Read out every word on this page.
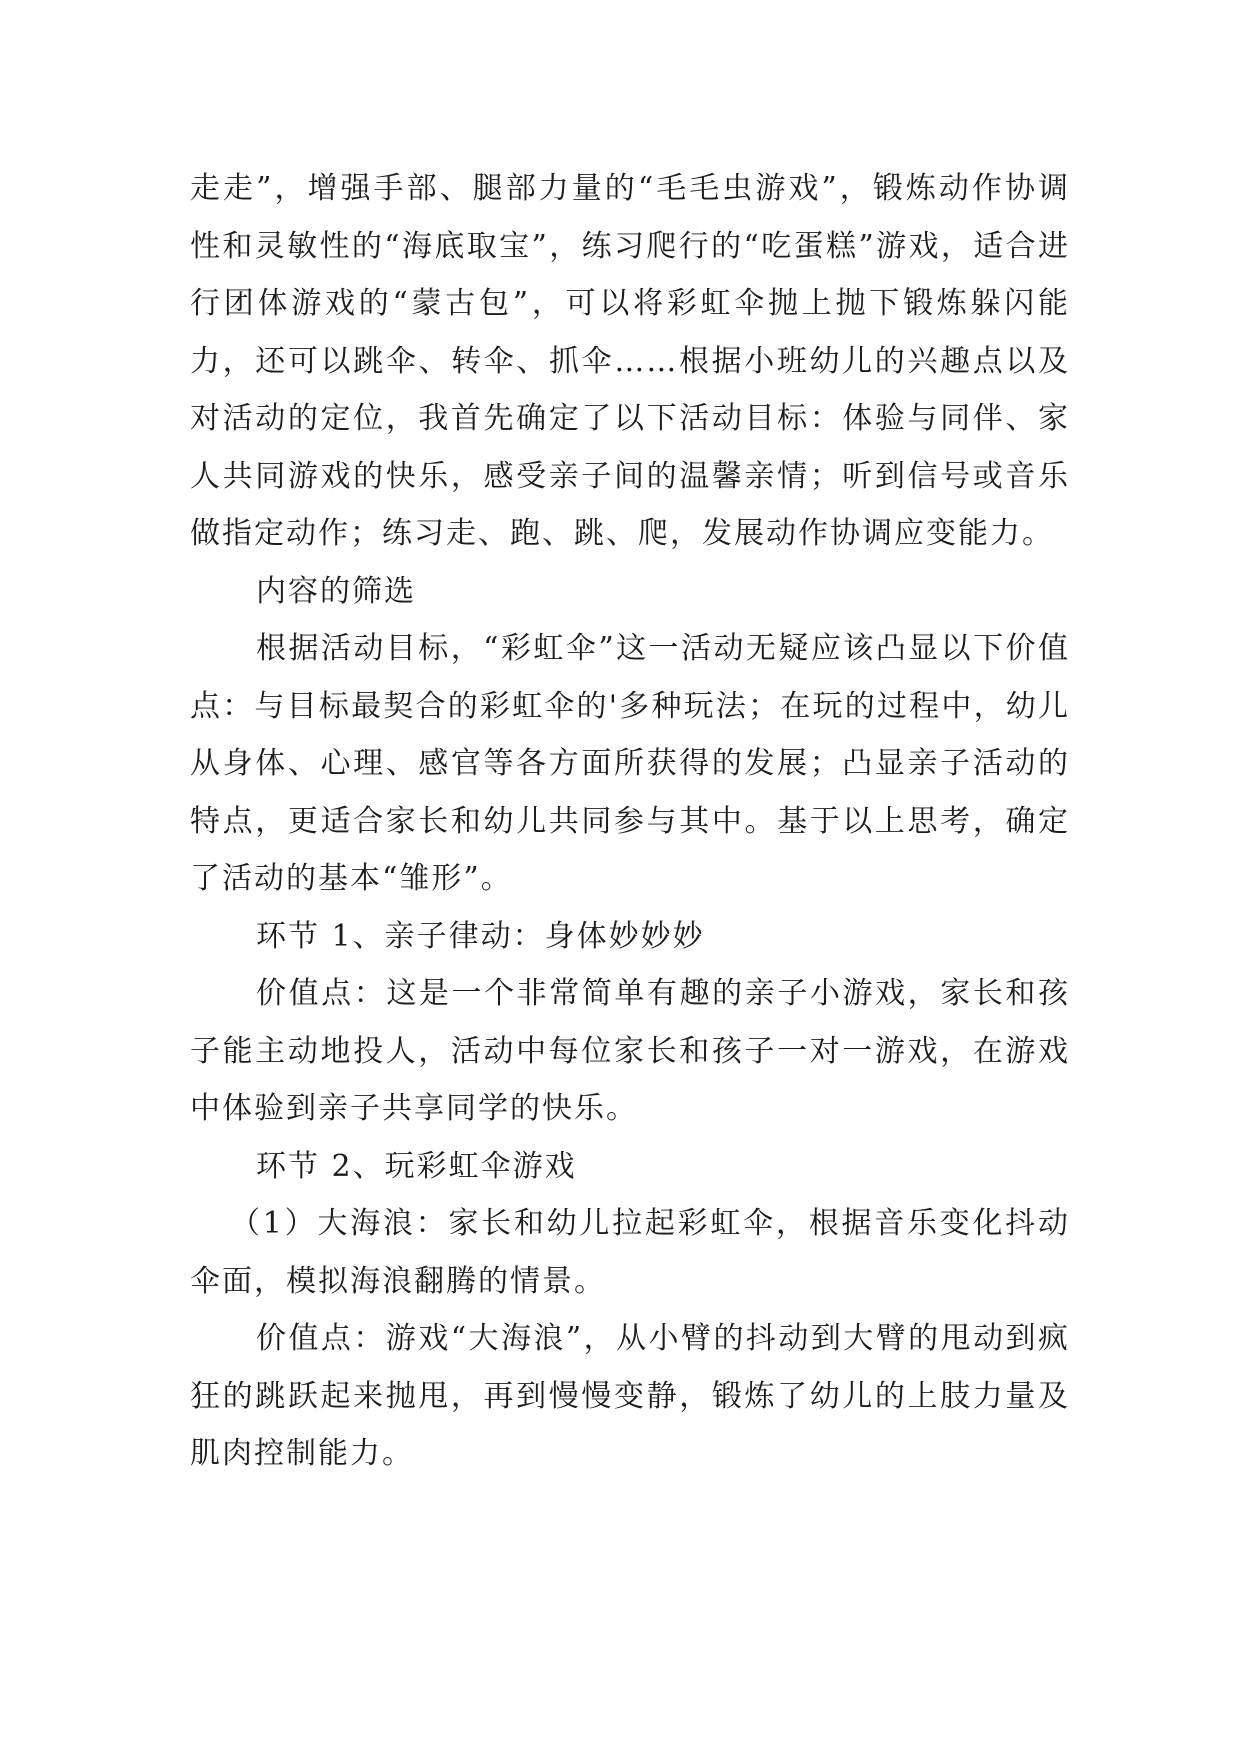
走走”，增强手部、腿部力量的“毛毛虫游戏”，锻炼动作协调性和灵敏性的“海底取宝”，练习爬行的“吃蛋糕”游戏，适合进行团体游戏的“蒙古包”，可以将彩虹伞抛上抛下锻炼躲闪能力，还可以跳伞、转伞、抓伞……根据小班幼儿的兴趣点以及对活动的定位，我首先确定了以下活动目标：体验与同伴、家人共同游戏的快乐，感受亲子间的温馨亲情；听到信号或音乐做指定动作；练习走、跑、跳、爬，发展动作协调应变能力。

内容的筛选

根据活动目标，“彩虹伞”这一活动无疑应该凸显以下价值点：与目标最契合的彩虹伞的'多种玩法；在玩的过程中，幼儿从身体、心理、感官等各方面所获得的发展；凸显亲子活动的特点，更适合家长和幼儿共同参与其中。基于以上思考，确定了活动的基本“雏形”。

环节 1、亲子律动：身体妙妙妙

价值点：这是一个非常简单有趣的亲子小游戏，家长和孩子能主动地投人，活动中每位家长和孩子一对一游戏，在游戏中体验到亲子共享同学的快乐。

环节 2、玩彩虹伞游戏

（1）大海浪：家长和幼儿拉起彩虹伞，根据音乐变化抖动伞面，模拟海浪翻腾的情景。

价值点：游戏“大海浪”，从小臂的抖动到大臂的甩动到疯狂的跳跃起来抛甩，再到慢慢变静，锻炼了幼儿的上肢力量及肌肉控制能力。
